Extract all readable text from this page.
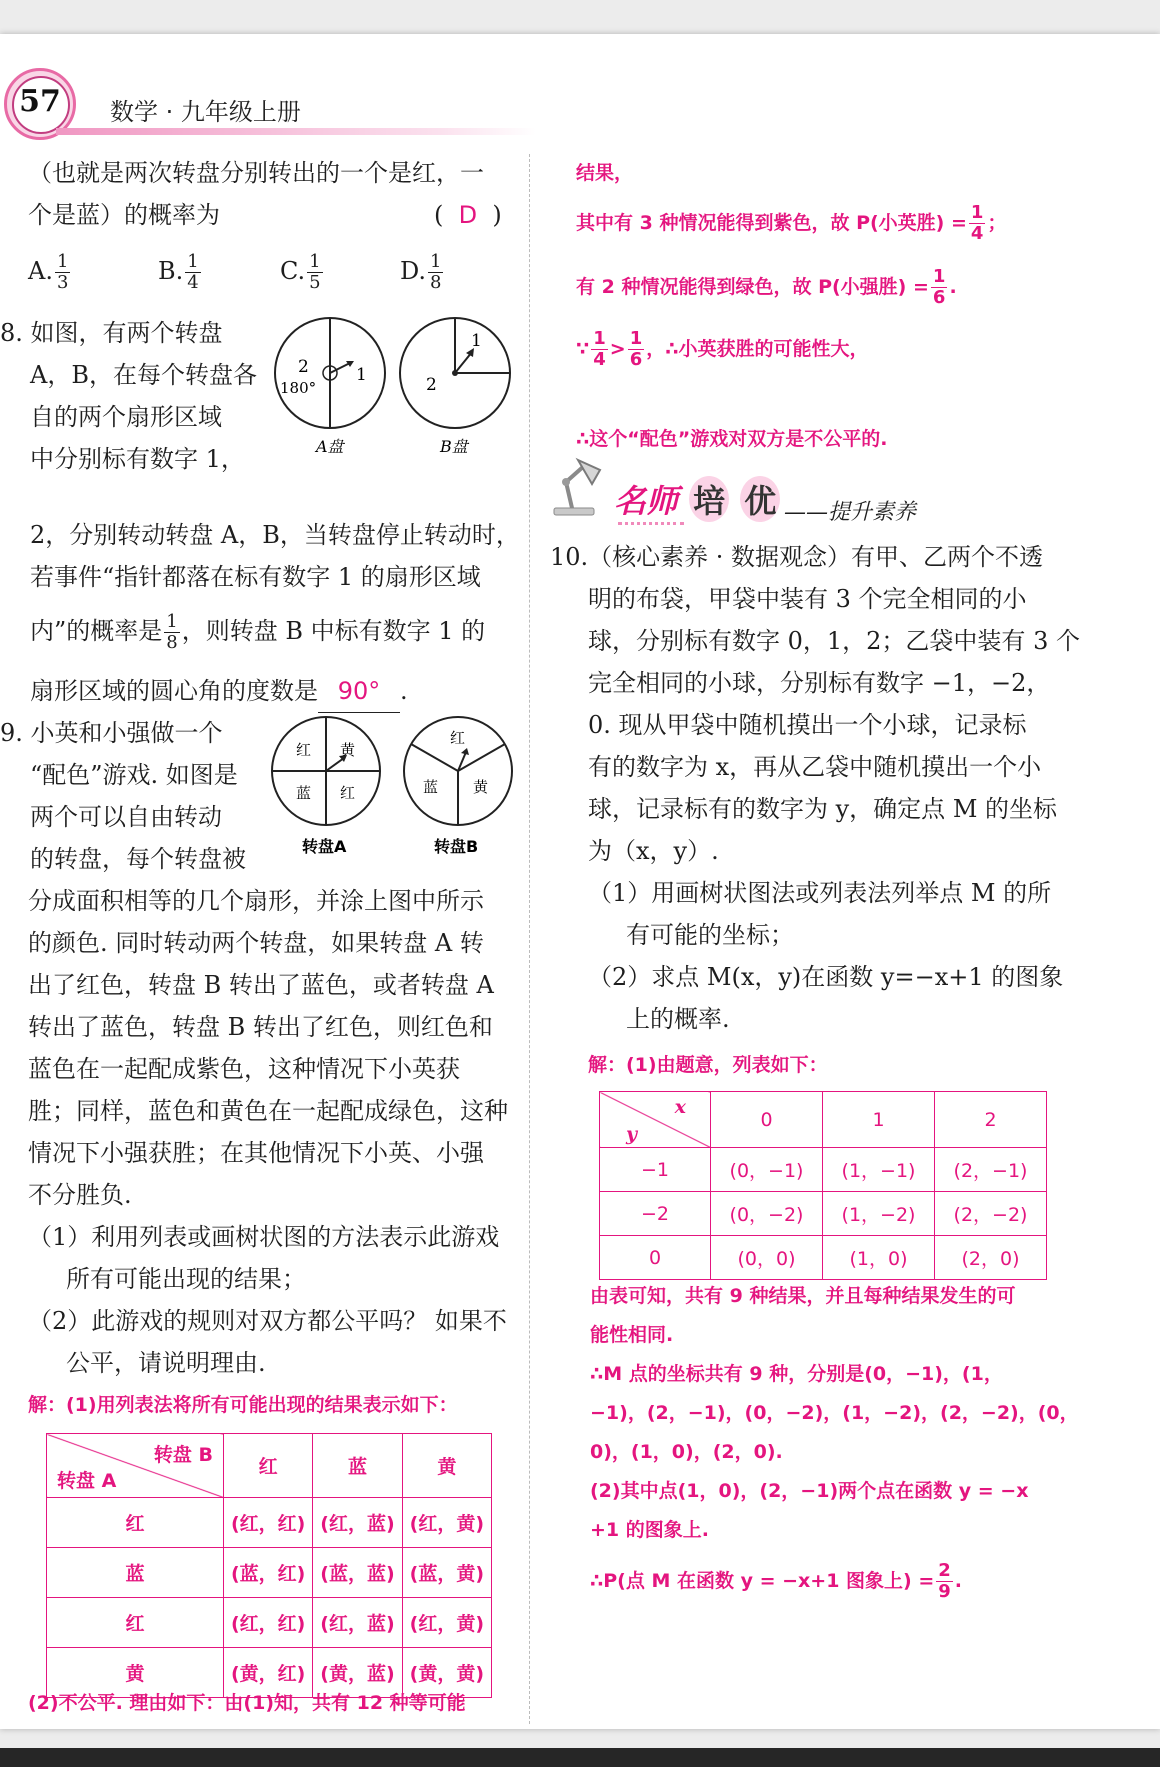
57 数学 · 九年级上册
（也就是两次转盘分别转出的一个是红，一
个是蓝）的概率为	(  D  )
A. $\frac{1}{3}$	B. $\frac{1}{4}$	C. $\frac{1}{5}$	D. $\frac{1}{8}$
8. 如图，有两个转盘
A，B，在每个转盘各
自的两个扇形区域
中分别标有数字 1，
2
180°
1
A盘
1
2
B盘
2，分别转动转盘 A，B，当转盘停止转动时，
若事件“指针都落在标有数字 1 的扇形区域
内”的概率是 $\frac{1}{8}$ ，则转盘 B 中标有数字 1 的
扇形区域的圆心角的度数是 90° .
9. 小英和小强做一个
“配色”游戏. 如图是
两个可以自由转动
的转盘，每个转盘被
红 黄
蓝 红
转盘A
红
蓝 黄
转盘B
分成面积相等的几个扇形，并涂上图中所示
的颜色. 同时转动两个转盘，如果转盘 A 转
出了红色，转盘 B 转出了蓝色，或者转盘 A
转出了蓝色，转盘 B 转出了红色，则红色和
蓝色在一起配成紫色，这种情况下小英获
胜；同样，蓝色和黄色在一起配成绿色，这种
情况下小强获胜；在其他情况下小英、小强
不分胜负.
（1）利用列表或画树状图的方法表示此游戏
所有可能出现的结果；
（2）此游戏的规则对双方都公平吗？ 如果不
公平，请说明理由.
解：(1)用列表法将所有可能出现的结果表示如下：
转盘 B
转盘 A	红	蓝	黄
红	(红，红)	(红，蓝)	(红，黄)
蓝	(蓝，红)	(蓝，蓝)	(蓝，黄)
红	(红，红)	(红，蓝)	(红，黄)
黄	(黄，红)	(黄，蓝)	(黄，黄)
(2)不公平. 理由如下：由(1)知，共有 12 种等可能
结果，
其中有 3 种情况能得到紫色，故 P(小英胜) = $\frac{1}{4}$ ；
有 2 种情况能得到绿色，故 P(小强胜) = $\frac{1}{6}$ .
∵ $\frac{1}{4} > \frac{1}{6}$ ，∴小英获胜的可能性大，
∴这个“配色”游戏对双方是不公平的.
名师 培 优 ——提升素养
10.（核心素养 · 数据观念）有甲、乙两个不透
明的布袋，甲袋中装有 3 个完全相同的小
球，分别标有数字 0，1，2；乙袋中装有 3 个
完全相同的小球，分别标有数字 −1，−2，
0. 现从甲袋中随机摸出一个小球，记录标
有的数字为 x，再从乙袋中随机摸出一个小
球，记录标有的数字为 y，确定点 M 的坐标
为（x，y）.
（1）用画树状图法或列表法列举点 M 的所
有可能的坐标；
（2）求点 M(x，y)在函数 y=−x+1 的图象
上的概率.
解：(1)由题意，列表如下：
x
y	0	1	2
−1	(0，−1)	(1，−1)	(2，−1)
−2	(0，−2)	(1，−2)	(2，−2)
0	(0，0)	(1，0)	(2，0)
由表可知，共有 9 种结果，并且每种结果发生的可
能性相同.
∴M 点的坐标共有 9 种，分别是(0，−1)，(1，
−1)，(2，−1)，(0，−2)，(1，−2)，(2，−2)，(0，
0)，(1，0)，(2，0).
(2)其中点(1，0)，(2，−1)两个点在函数 y = −x
+1 的图象上.
∴P(点 M 在函数 y = −x+1 图象上) = $\frac{2}{9}$ .
